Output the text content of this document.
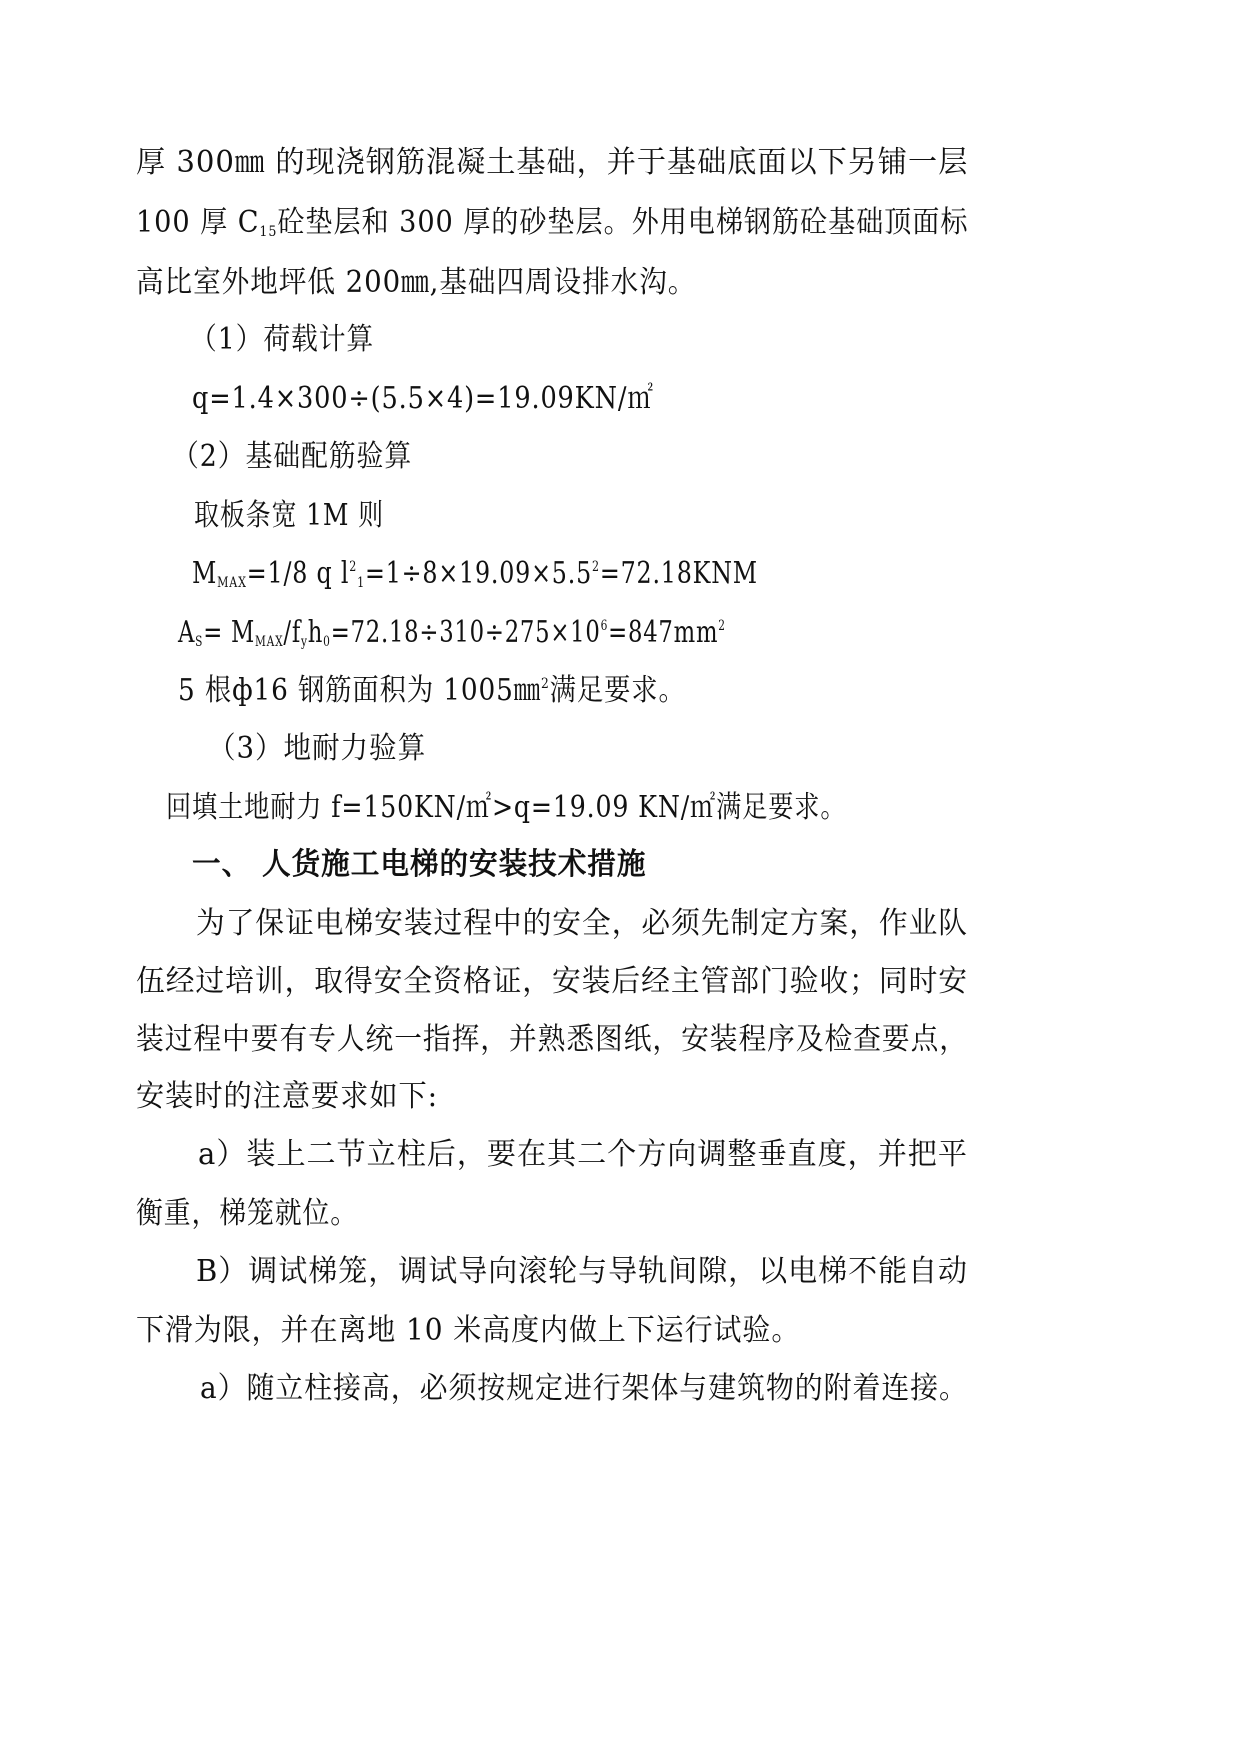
厚 300㎜ 的现浇钢筋混凝土基础，并于基础底面以下另铺一层
100 厚 $C_{15}$砼垫层和 300 厚的砂垫层。外用电梯钢筋砼基础顶面标
高比室外地坪低 200㎜,基础四周设排水沟。
（1）荷载计算
q=1.4×300÷(5.5×4)=19.09KN/㎡
（2）基础配筋验算
取板条宽 1M 则
$M_{MAX}=1/8$ q $l^2_1=1\div 8\times 19.09\times 5.5^2=72.18KNM$
$A_S= M_{MAX}/f_yh_0=72.18\div 310\div 275\times 10^6=847mm^2$
5 根ф16 钢筋面积为 1005㎜$^2$满足要求。
（3）地耐力验算
回填土地耐力 f=150KN/㎡>q=19.09 KN/㎡满足要求。
一、 人货施工电梯的安装技术措施
为了保证电梯安装过程中的安全，必须先制定方案，作业队
伍经过培训，取得安全资格证，安装后经主管部门验收；同时安
装过程中要有专人统一指挥，并熟悉图纸，安装程序及检查要点，
安装时的注意要求如下:
a）装上二节立柱后，要在其二个方向调整垂直度，并把平
衡重，梯笼就位。
B）调试梯笼，调试导向滚轮与导轨间隙，以电梯不能自动
下滑为限，并在离地 10 米高度内做上下运行试验。
a）随立柱接高，必须按规定进行架体与建筑物的附着连接。
